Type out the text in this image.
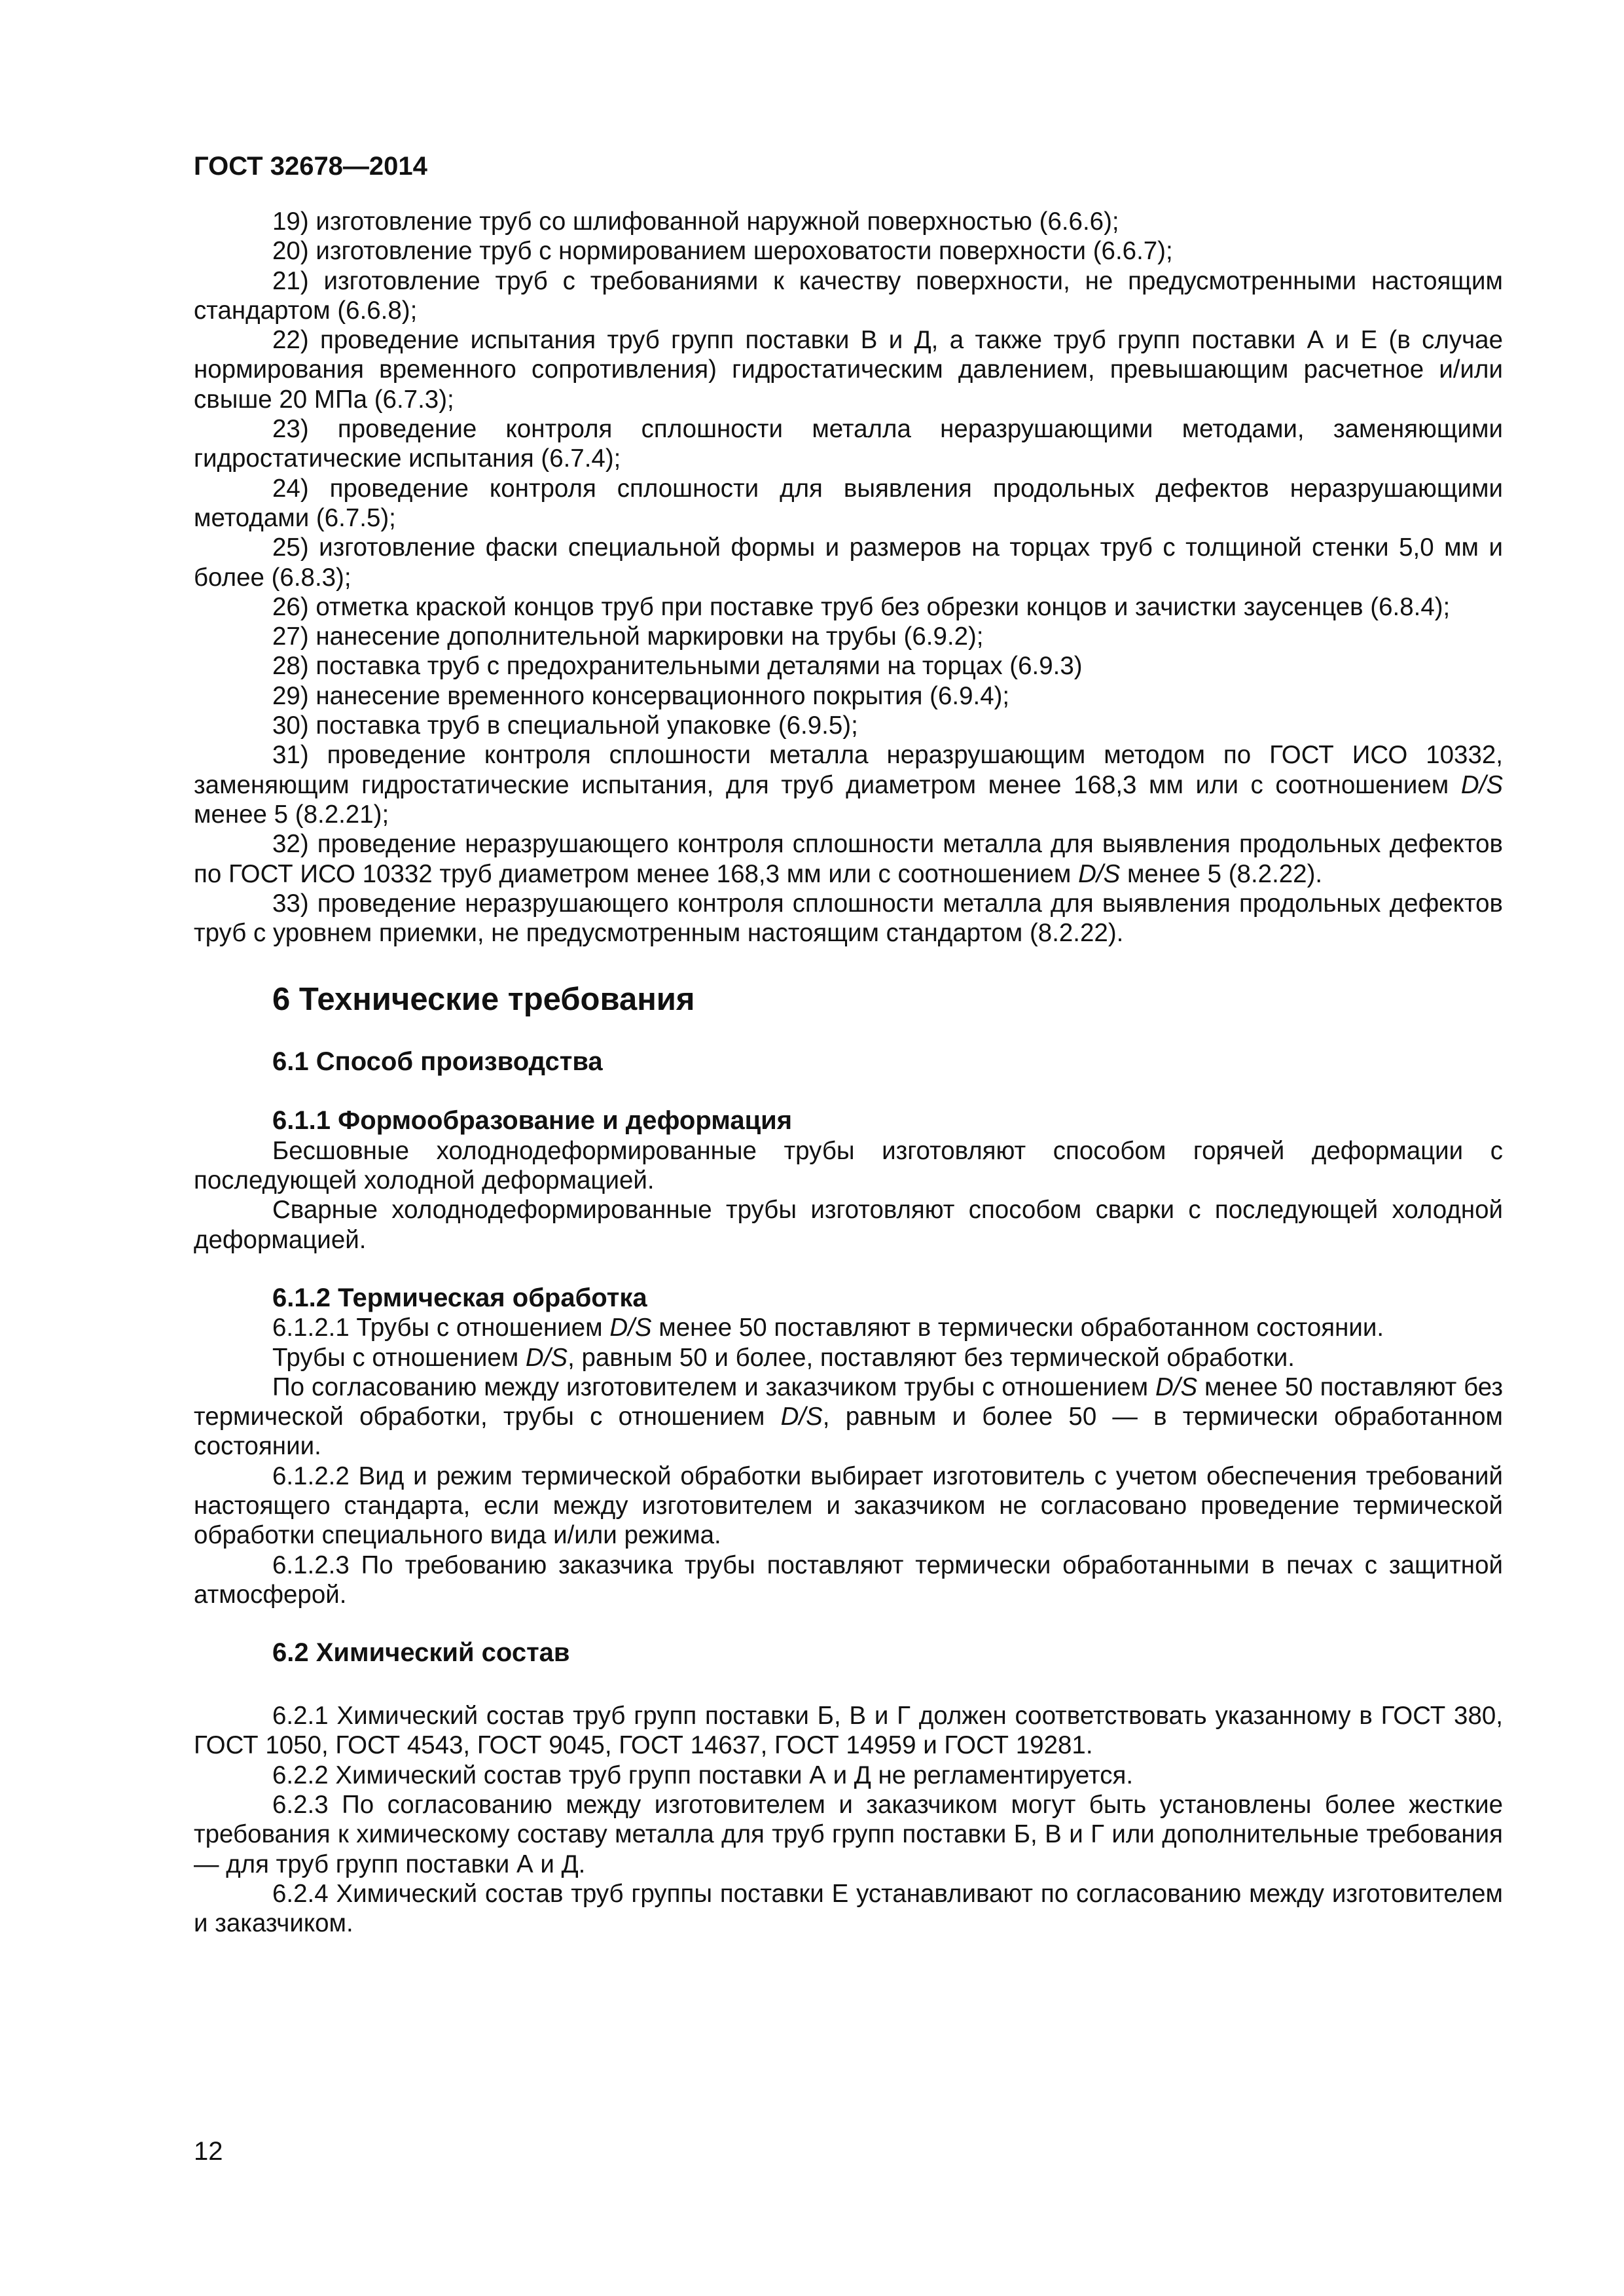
ГОСТ 32678—2014

19) изготовление труб со шлифованной наружной поверхностью (6.6.6);

20) изготовление труб с нормированием шероховатости поверхности (6.6.7);

21) изготовление труб с требованиями к качеству поверхности, не предусмотренными настоящим стандартом (6.6.8);

22) проведение испытания труб групп поставки В и Д, а также труб групп поставки А и Е (в случае нормирования временного сопротивления) гидростатическим давлением, превышающим расчетное и/или свыше 20 МПа (6.7.3);

23) проведение контроля сплошности металла неразрушающими методами, заменяющими гидростатические испытания (6.7.4);

24) проведение контроля сплошности для выявления продольных дефектов неразрушающими методами (6.7.5);

25) изготовление фаски специальной формы и размеров на торцах труб с толщиной стенки 5,0 мм и более (6.8.3);

26) отметка краской концов труб при поставке труб без обрезки концов и зачистки заусенцев (6.8.4);

27) нанесение дополнительной маркировки на трубы (6.9.2);

28) поставка труб с предохранительными деталями на торцах (6.9.3)

29) нанесение временного консервационного покрытия (6.9.4);

30) поставка труб в специальной упаковке (6.9.5);

31) проведение контроля сплошности металла неразрушающим методом по ГОСТ ИСО 10332, заменяющим гидростатические испытания, для труб диаметром менее 168,3 мм или с соотношением D/S менее 5 (8.2.21);

32) проведение неразрушающего контроля сплошности металла для выявления продольных дефектов по ГОСТ ИСО 10332 труб диаметром менее 168,3 мм или с соотношением D/S менее 5 (8.2.22).

33) проведение неразрушающего контроля сплошности металла для выявления продольных дефектов труб с уровнем приемки, не предусмотренным настоящим стандартом (8.2.22).

6 Технические требования
6.1 Способ производства
6.1.1 Формообразование и деформация

Бесшовные холоднодеформированные трубы изготовляют способом горячей деформации с последующей холодной деформацией.

Сварные холоднодеформированные трубы изготовляют способом сварки с последующей холодной деформацией.

6.1.2 Термическая обработка

6.1.2.1 Трубы с отношением D/S менее 50 поставляют в термически обработанном состоянии.

Трубы с отношением D/S, равным 50 и более, поставляют без термической обработки.

По согласованию между изготовителем и заказчиком трубы с отношением D/S менее 50 поставляют без термической обработки, трубы с отношением D/S, равным и более 50 — в термически обработанном состоянии.

6.1.2.2 Вид и режим термической обработки выбирает изготовитель с учетом обеспечения требований настоящего стандарта, если между изготовителем и заказчиком не согласовано проведение термической обработки специального вида и/или режима.

6.1.2.3 По требованию заказчика трубы поставляют термически обработанными в печах с защитной атмосферой.

6.2 Химический состав

6.2.1 Химический состав труб групп поставки Б, В и Г должен соответствовать указанному в ГОСТ 380, ГОСТ 1050, ГОСТ 4543, ГОСТ 9045, ГОСТ 14637, ГОСТ 14959 и ГОСТ 19281.

6.2.2 Химический состав труб групп поставки А и Д не регламентируется.

6.2.3 По согласованию между изготовителем и заказчиком могут быть установлены более жесткие требования к химическому составу металла для труб групп поставки Б, В и Г или дополнительные требования — для труб групп поставки А и Д.

6.2.4 Химический состав труб группы поставки Е устанавливают по согласованию между изготовителем и заказчиком.

12
